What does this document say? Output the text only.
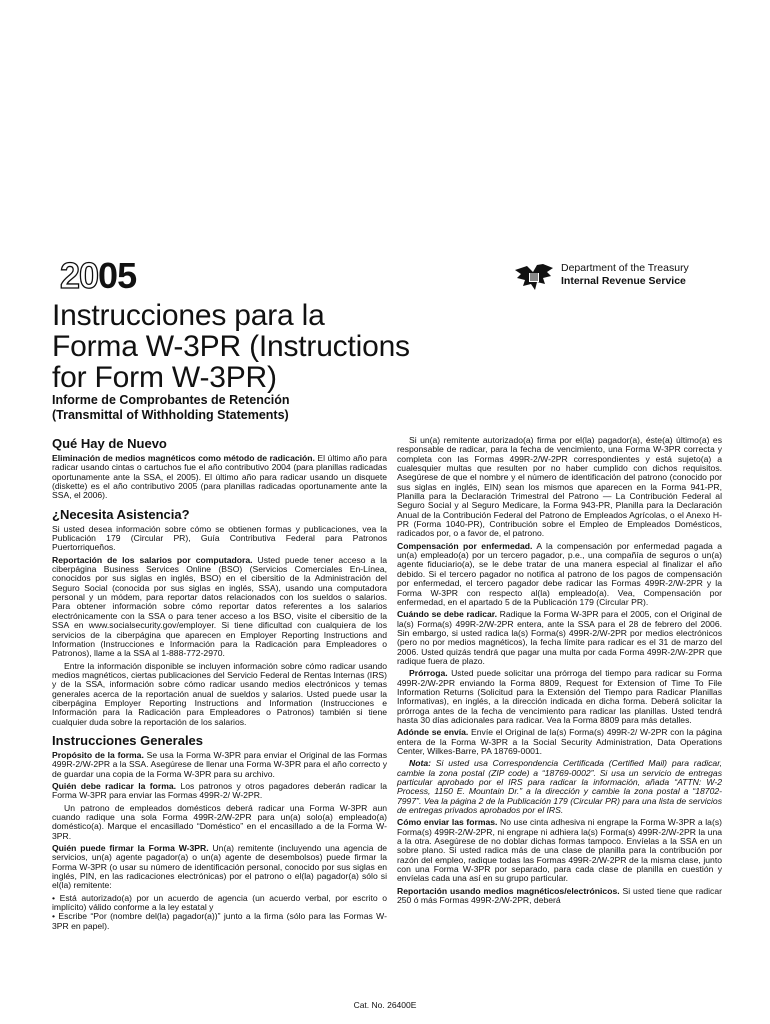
2005	Department of the Treasury
Internal Revenue Service
Instrucciones para la
Forma W-3PR (Instructions
for Form W-3PR)
Informe de Comprobantes de Retención
(Transmittal of Withholding Statements)
Qué Hay de Nuevo

Eliminación de medios magnéticos como método de radicación. El último año para radicar usando cintas o cartuchos fue el año contributivo 2004 (para planillas radicadas oportunamente ante la SSA, el 2005). El último año para radicar usando un disquete (diskette) es el año contributivo 2005 (para planillas radicadas oportunamente ante la SSA, el 2006).

¿Necesita Asistencia?

Si usted desea información sobre cómo se obtienen formas y publicaciones, vea la Publicación 179 (Circular PR), Guía Contributiva Federal para Patronos Puertorriqueños.

Reportación de los salarios por computadora. Usted puede tener acceso a la ciberpágina Business Services Online (BSO) (Servicios Comerciales En-Línea, conocidos por sus siglas en inglés, BSO) en el cibersitio de la Administración del Seguro Social (conocida por sus siglas en inglés, SSA), usando una computadora personal y un módem, para reportar datos relacionados con los sueldos o salarios. Para obtener información sobre cómo reportar datos referentes a los salarios electrónicamente con la SSA o para tener acceso a los BSO, visite el cibersitio de la SSA en www.socialsecurity.gov/employer. Si tiene dificultad con cualquiera de los servicios de la ciberpágina que aparecen en Employer Reporting Instructions and Information (Instrucciones e Información para la Radicación para Empleadores o Patronos), llame a la SSA al 1-888-772-2970.

Entre la información disponible se incluyen información sobre cómo radicar usando medios magnéticos, ciertas publicaciones del Servicio Federal de Rentas Internas (IRS) y de la SSA, información sobre cómo radicar usando medios electrónicos y temas generales acerca de la reportación anual de sueldos y salarios. Usted puede usar la ciberpágina Employer Reporting Instructions and Information (Instrucciones e Información para la Radicación para Empleadores o Patronos) también si tiene cualquier duda sobre la reportación de los salarios.

Instrucciones Generales

Propósito de la forma. Se usa la Forma W-3PR para enviar el Original de las Formas 499R-2/W-2PR a la SSA. Asegúrese de llenar una Forma W-3PR para el año correcto y de guardar una copia de la Forma W-3PR para su archivo.

Quién debe radicar la forma. Los patronos y otros pagadores deberán radicar la Forma W-3PR para enviar las Formas 499R-2/ W-2PR.

Un patrono de empleados domésticos deberá radicar una Forma W-3PR aun cuando radique una sola Forma 499R-2/W-2PR para un(a) solo(a) empleado(a) doméstico(a). Marque el encasillado “Doméstico” en el encasillado a de la Forma W-3PR.

Quién puede firmar la Forma W-3PR. Un(a) remitente (incluyendo una agencia de servicios, un(a) agente pagador(a) o un(a) agente de desembolsos) puede firmar la Forma W-3PR (o usar su número de identificación personal, conocido por sus siglas en inglés, PIN, en las radicaciones electrónicas) por el patrono o el(la) pagador(a) sólo si el(la) remitente:

• Está autorizado(a) por un acuerdo de agencia (un acuerdo verbal, por escrito o implícito) válido conforme a la ley estatal y

• Escribe “Por (nombre del(la) pagador(a))” junto a la firma (sólo para las Formas W-3PR en papel).

Si un(a) remitente autorizado(a) firma por el(la) pagador(a), éste(a) último(a) es responsable de radicar, para la fecha de vencimiento, una Forma W-3PR correcta y completa con las Formas 499R-2/W-2PR correspondientes y está sujeto(a) a cualesquier multas que resulten por no haber cumplido con dichos requisitos. Asegúrese de que el nombre y el número de identificación del patrono (conocido por sus siglas en inglés, EIN) sean los mismos que aparecen en la Forma 941-PR, Planilla para la Declaración Trimestral del Patrono — La Contribución Federal al Seguro Social y al Seguro Medicare, la Forma 943-PR, Planilla para la Declaración Anual de la Contribución Federal del Patrono de Empleados Agrícolas, o el Anexo H-PR (Forma 1040-PR), Contribución sobre el Empleo de Empleados Domésticos, radicados por, o a favor de, el patrono.

Compensación por enfermedad. A la compensación por enfermedad pagada a un(a) empleado(a) por un tercero pagador, p.e., una compañía de seguros o un(a) agente fiduciario(a), se le debe tratar de una manera especial al finalizar el año debido. Si el tercero pagador no notifica al patrono de los pagos de compensación por enfermedad, el tercero pagador debe radicar las Formas 499R-2/W-2PR y la Forma W-3PR con respecto al(la) empleado(a). Vea, Compensación por enfermedad, en el apartado 5 de la Publicación 179 (Circular PR).

Cuándo se debe radicar. Radique la Forma W-3PR para el 2005, con el Original de la(s) Forma(s) 499R-2/W-2PR entera, ante la SSA para el 28 de febrero del 2006. Sin embargo, si usted radica la(s) Forma(s) 499R-2/W-2PR por medios electrónicos (pero no por medios magnéticos), la fecha límite para radicar es el 31 de marzo del 2006. Usted quizás tendrá que pagar una multa por cada Forma 499R-2/W-2PR que radique fuera de plazo.

Prórroga. Usted puede solicitar una prórroga del tiempo para radicar su Forma 499R-2/W-2PR enviando la Forma 8809, Request for Extension of Time To File Information Returns (Solicitud para la Extensión del Tiempo para Radicar Planillas Informativas), en inglés, a la dirección indicada en dicha forma. Deberá solicitar la prórroga antes de la fecha de vencimiento para radicar las planillas. Usted tendrá hasta 30 días adicionales para radicar. Vea la Forma 8809 para más detalles.

Adónde se envía. Envíe el Original de la(s) Forma(s) 499R-2/ W-2PR con la página entera de la Forma W-3PR a la Social Security Administration, Data Operations Center, Wilkes-Barre, PA 18769-0001.

Nota: Si usted usa Correspondencia Certificada (Certified Mail) para radicar, cambie la zona postal (ZIP code) a “18769-0002”. Si usa un servicio de entregas particular aprobado por el IRS para radicar la información, añada “ATTN: W-2 Process, 1150 E. Mountain Dr.” a la dirección y cambie la zona postal a “18702-7997”. Vea la página 2 de la Publicación 179 (Circular PR) para una lista de servicios de entregas privados aprobados por el IRS.

Cómo enviar las formas. No use cinta adhesiva ni engrape la Forma W-3PR a la(s) Forma(s) 499R-2/W-2PR, ni engrape ni adhiera la(s) Forma(s) 499R-2/W-2PR la una a la otra. Asegúrese de no doblar dichas formas tampoco. Envíelas a la SSA en un sobre plano. Si usted radica más de una clase de planilla para la contribución por razón del empleo, radique todas las Formas 499R-2/W-2PR de la misma clase, junto con una Forma W-3PR por separado, para cada clase de planilla en cuestión y envíelas cada una así en su grupo particular.

Reportación usando medios magnéticos/electrónicos. Si usted tiene que radicar 250 ó más Formas 499R-2/W-2PR, deberá

Cat. No. 26400E
